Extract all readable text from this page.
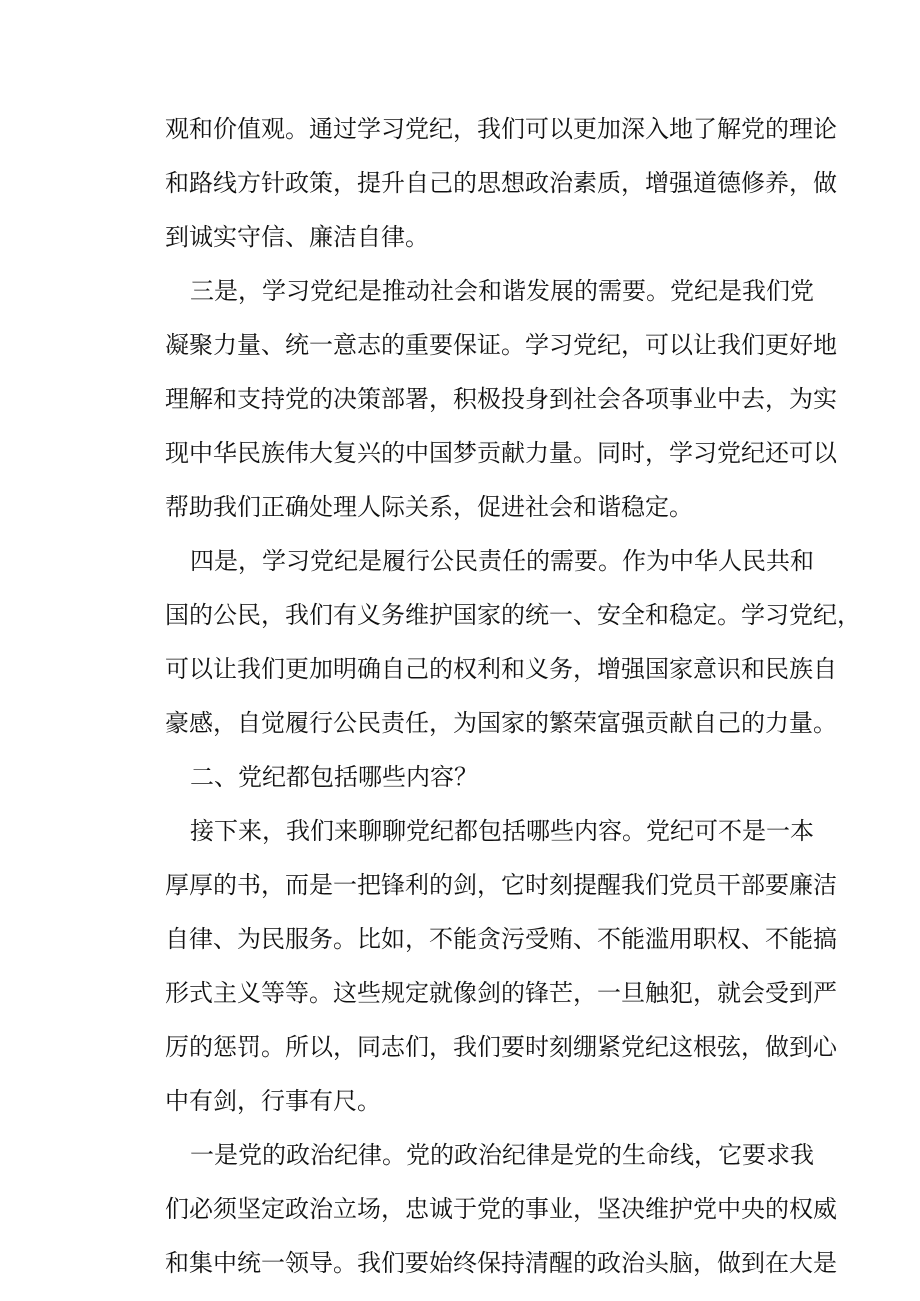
观和价值观。通过学习党纪，我们可以更加深入地了解党的理论
和路线方针政策，提升自己的思想政治素质，增强道德修养，做
到诚实守信、廉洁自律。
三是，学习党纪是推动社会和谐发展的需要。党纪是我们党
凝聚力量、统一意志的重要保证。学习党纪，可以让我们更好地
理解和支持党的决策部署，积极投身到社会各项事业中去，为实
现中华民族伟大复兴的中国梦贡献力量。同时，学习党纪还可以
帮助我们正确处理人际关系，促进社会和谐稳定。
四是，学习党纪是履行公民责任的需要。作为中华人民共和
国的公民，我们有义务维护国家的统一、安全和稳定。学习党纪，
可以让我们更加明确自己的权利和义务，增强国家意识和民族自
豪感，自觉履行公民责任，为国家的繁荣富强贡献自己的力量。
二、党纪都包括哪些内容？
接下来，我们来聊聊党纪都包括哪些内容。党纪可不是一本
厚厚的书，而是一把锋利的剑，它时刻提醒我们党员干部要廉洁
自律、为民服务。比如，不能贪污受贿、不能滥用职权、不能搞
形式主义等等。这些规定就像剑的锋芒，一旦触犯，就会受到严
厉的惩罚。所以，同志们，我们要时刻绷紧党纪这根弦，做到心
中有剑，行事有尺。
一是党的政治纪律。党的政治纪律是党的生命线，它要求我
们必须坚定政治立场，忠诚于党的事业，坚决维护党中央的权威
和集中统一领导。我们要始终保持清醒的政治头脑，做到在大是
